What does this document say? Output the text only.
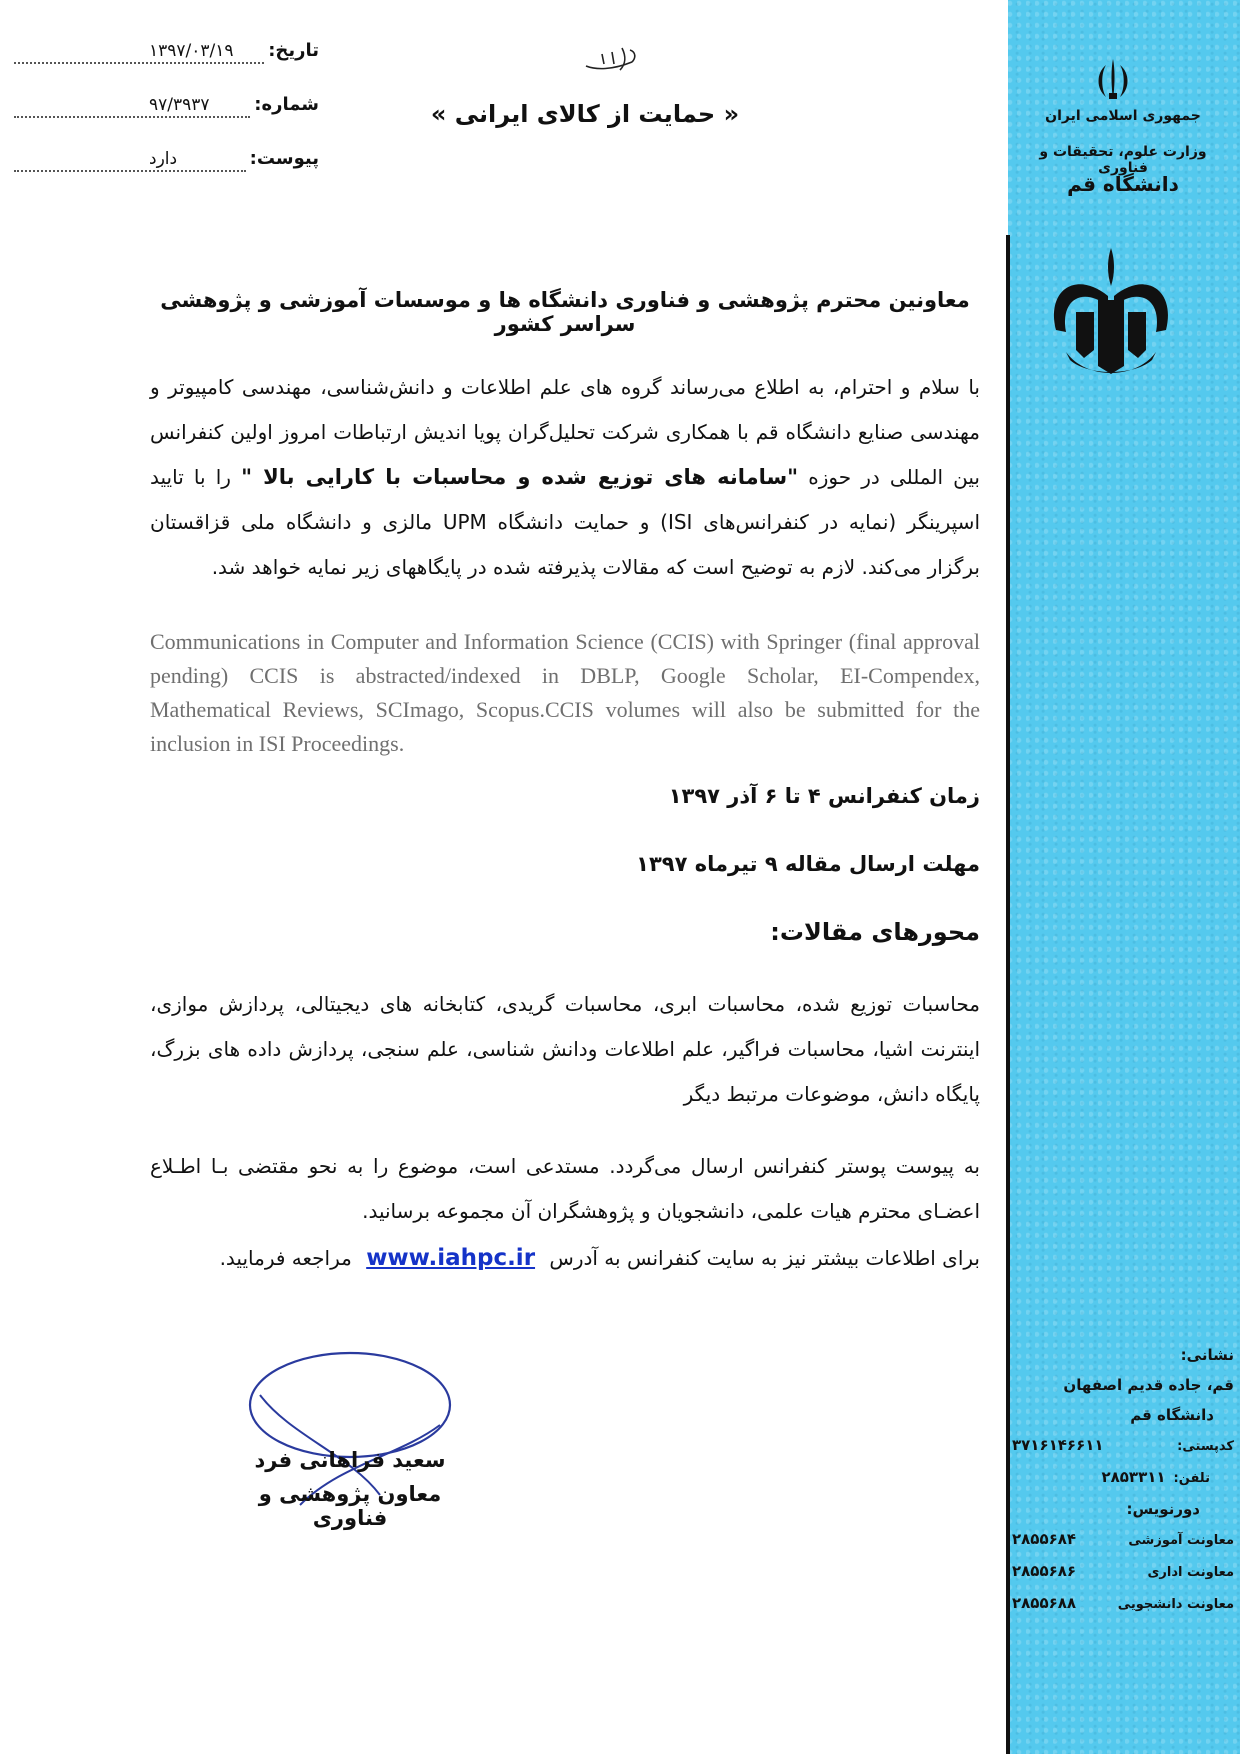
جمهوری اسلامی ایران
وزارت علوم، تحقیقات و فناوری
دانشگاه قم
نشانی:
قم، جاده قدیم اصفهان
دانشگاه قم
کدپستی:
۳۷۱۶۱۴۶۶۱۱
تلفن:
۲۸۵۳۳۱۱
دورنویس:
معاونت آموزشی
۲۸۵۵۶۸۴
معاونت اداری
۲۸۵۵۶۸۶
معاونت دانشجویی
۲۸۵۵۶۸۸
تاریخ:
۱۳۹۷/۰۳/۱۹
شماره:
۹۷/۳۹۳۷
پیوست:
دارد
« حمایت از کالای ایرانی »
معاونین محترم پژوهشی و فناوری دانشگاه ها و موسسات آموزشی و پژوهشی سراسر کشور
با سلام و احترام، به اطلاع می‌رساند گروه های علم اطلاعات و دانش‌شناسی، مهندسی کامپیوتر و مهندسی صنایع دانشگاه قم با همکاری شرکت تحلیل‌گران پویا اندیش ارتباطات امروز اولین کنفرانس بین المللی در حوزه "سامانه های توزیع شده و محاسبات با کارایی بالا " را با تایید اسپرینگر (نمایه در کنفرانس‌های ISI) و حمایت دانشگاه UPM مالزی و دانشگاه ملی قزاقستان برگزار می‌کند. لازم به توضیح است که مقالات پذیرفته شده در پایگاههای زیر نمایه خواهد شد.
Communications in Computer and Information Science (CCIS) with Springer (final approval pending) CCIS is abstracted/indexed in DBLP, Google Scholar, EI-Compendex, Mathematical Reviews, SCImago, Scopus.CCIS volumes will also be submitted for the inclusion in ISI Proceedings.
زمان کنفرانس ۴ تا ۶ آذر ۱۳۹۷
مهلت ارسال مقاله ۹ تیرماه ۱۳۹۷
محورهای مقالات:
محاسبات توزیع شده، محاسبات ابری، محاسبات گریدی، کتابخانه های دیجیتالی، پردازش موازی، اینترنت اشیا، محاسبات فراگیر، علم اطلاعات ودانش شناسی، علم سنجی، پردازش داده های بزرگ، پایگاه دانش، موضوعات مرتبط دیگر
به پیوست پوستر کنفرانس ارسال می‌گردد. مستدعی است، موضوع را به نحو مقتضی بـا اطـلاع اعضـای محترم هیات علمی، دانشجویان و پژوهشگران آن مجموعه برسانید.
برای اطلاعات بیشتر نیز به سایت کنفرانس به آدرس www.iahpc.ir مراجعه فرمایید.
سعید فراهانی فرد
معاون پژوهشی و فناوری
